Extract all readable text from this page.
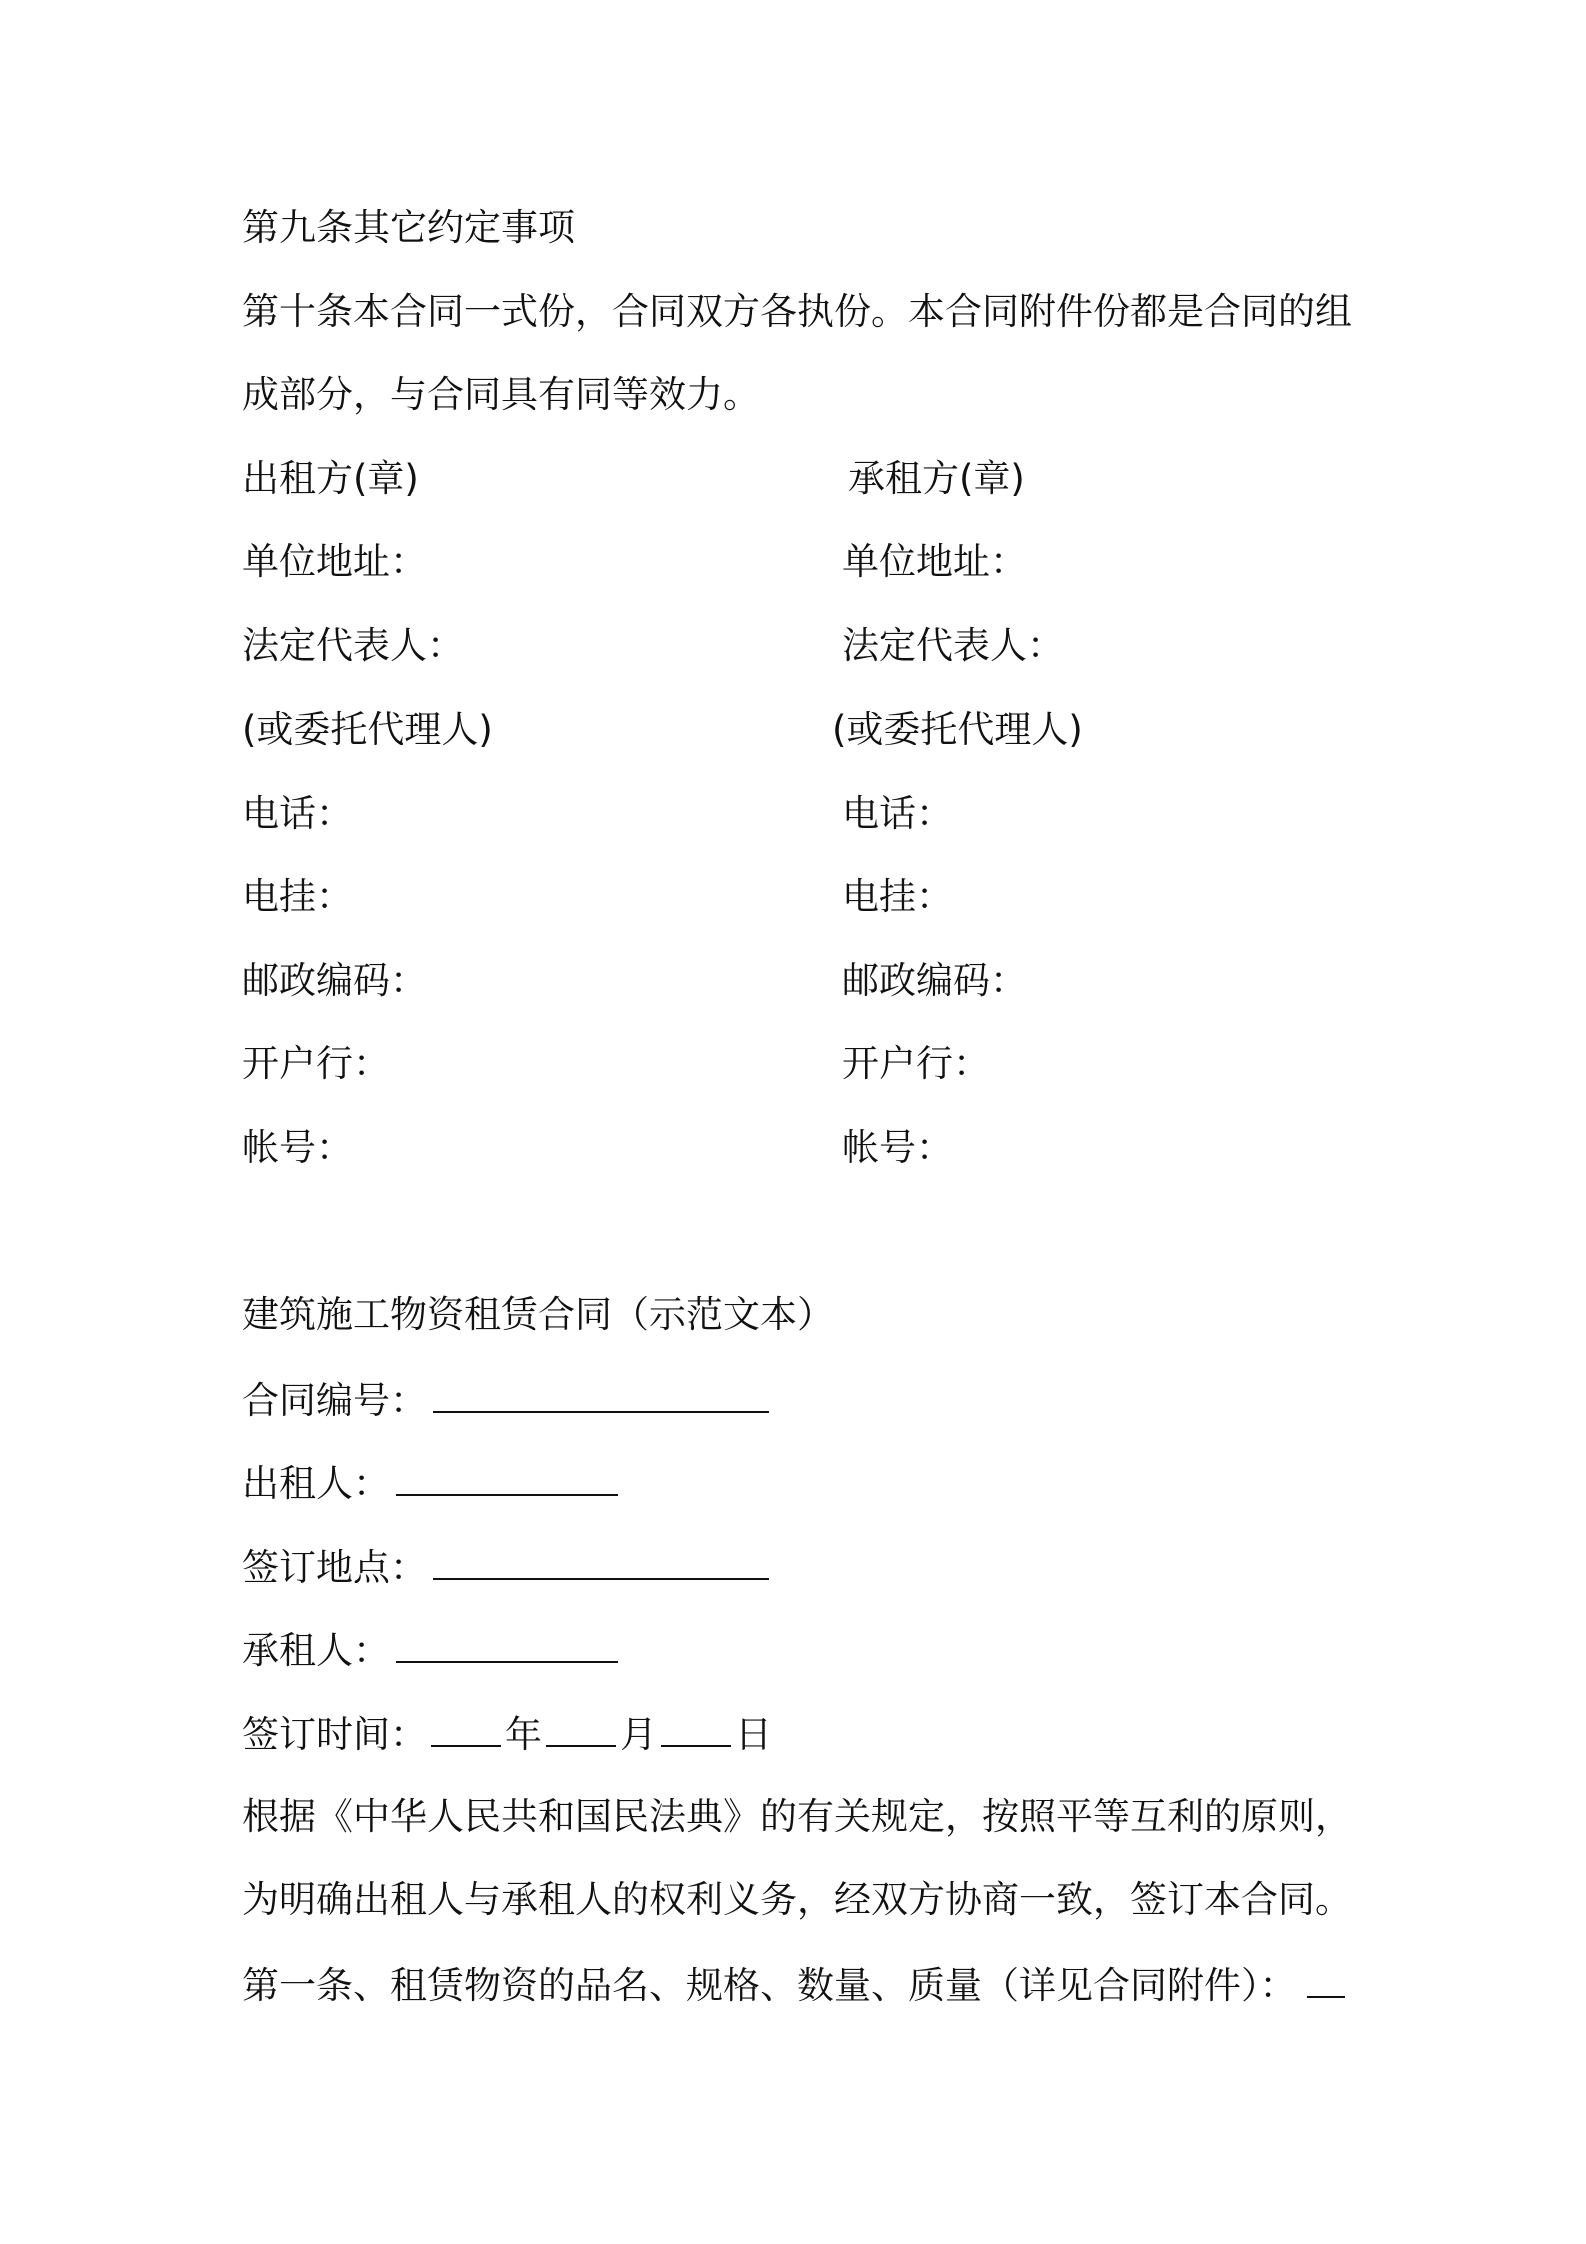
第九条其它约定事项
第十条本合同一式份，合同双方各执份。本合同附件份都是合同的组
成部分，与合同具有同等效力。
出租方(章)
单位地址：
法定代表人：
(或委托代理人)
电话：
电挂：
邮政编码：
开户行：
帐号：
承租方(章)
单位地址：
法定代表人：
(或委托代理人)
电话：
电挂：
邮政编码：
开户行：
帐号：
建筑施工物资租赁合同（示范文本）
合同编号：
出租人：
签订地点：
承租人：
签订时间： 年 月 日
根据《中华人民共和国民法典》的有关规定，按照平等互利的原则，
为明确出租人与承租人的权利义务，经双方协商一致，签订本合同。
第一条、租赁物资的品名、规格、数量、质量（详见合同附件）：
